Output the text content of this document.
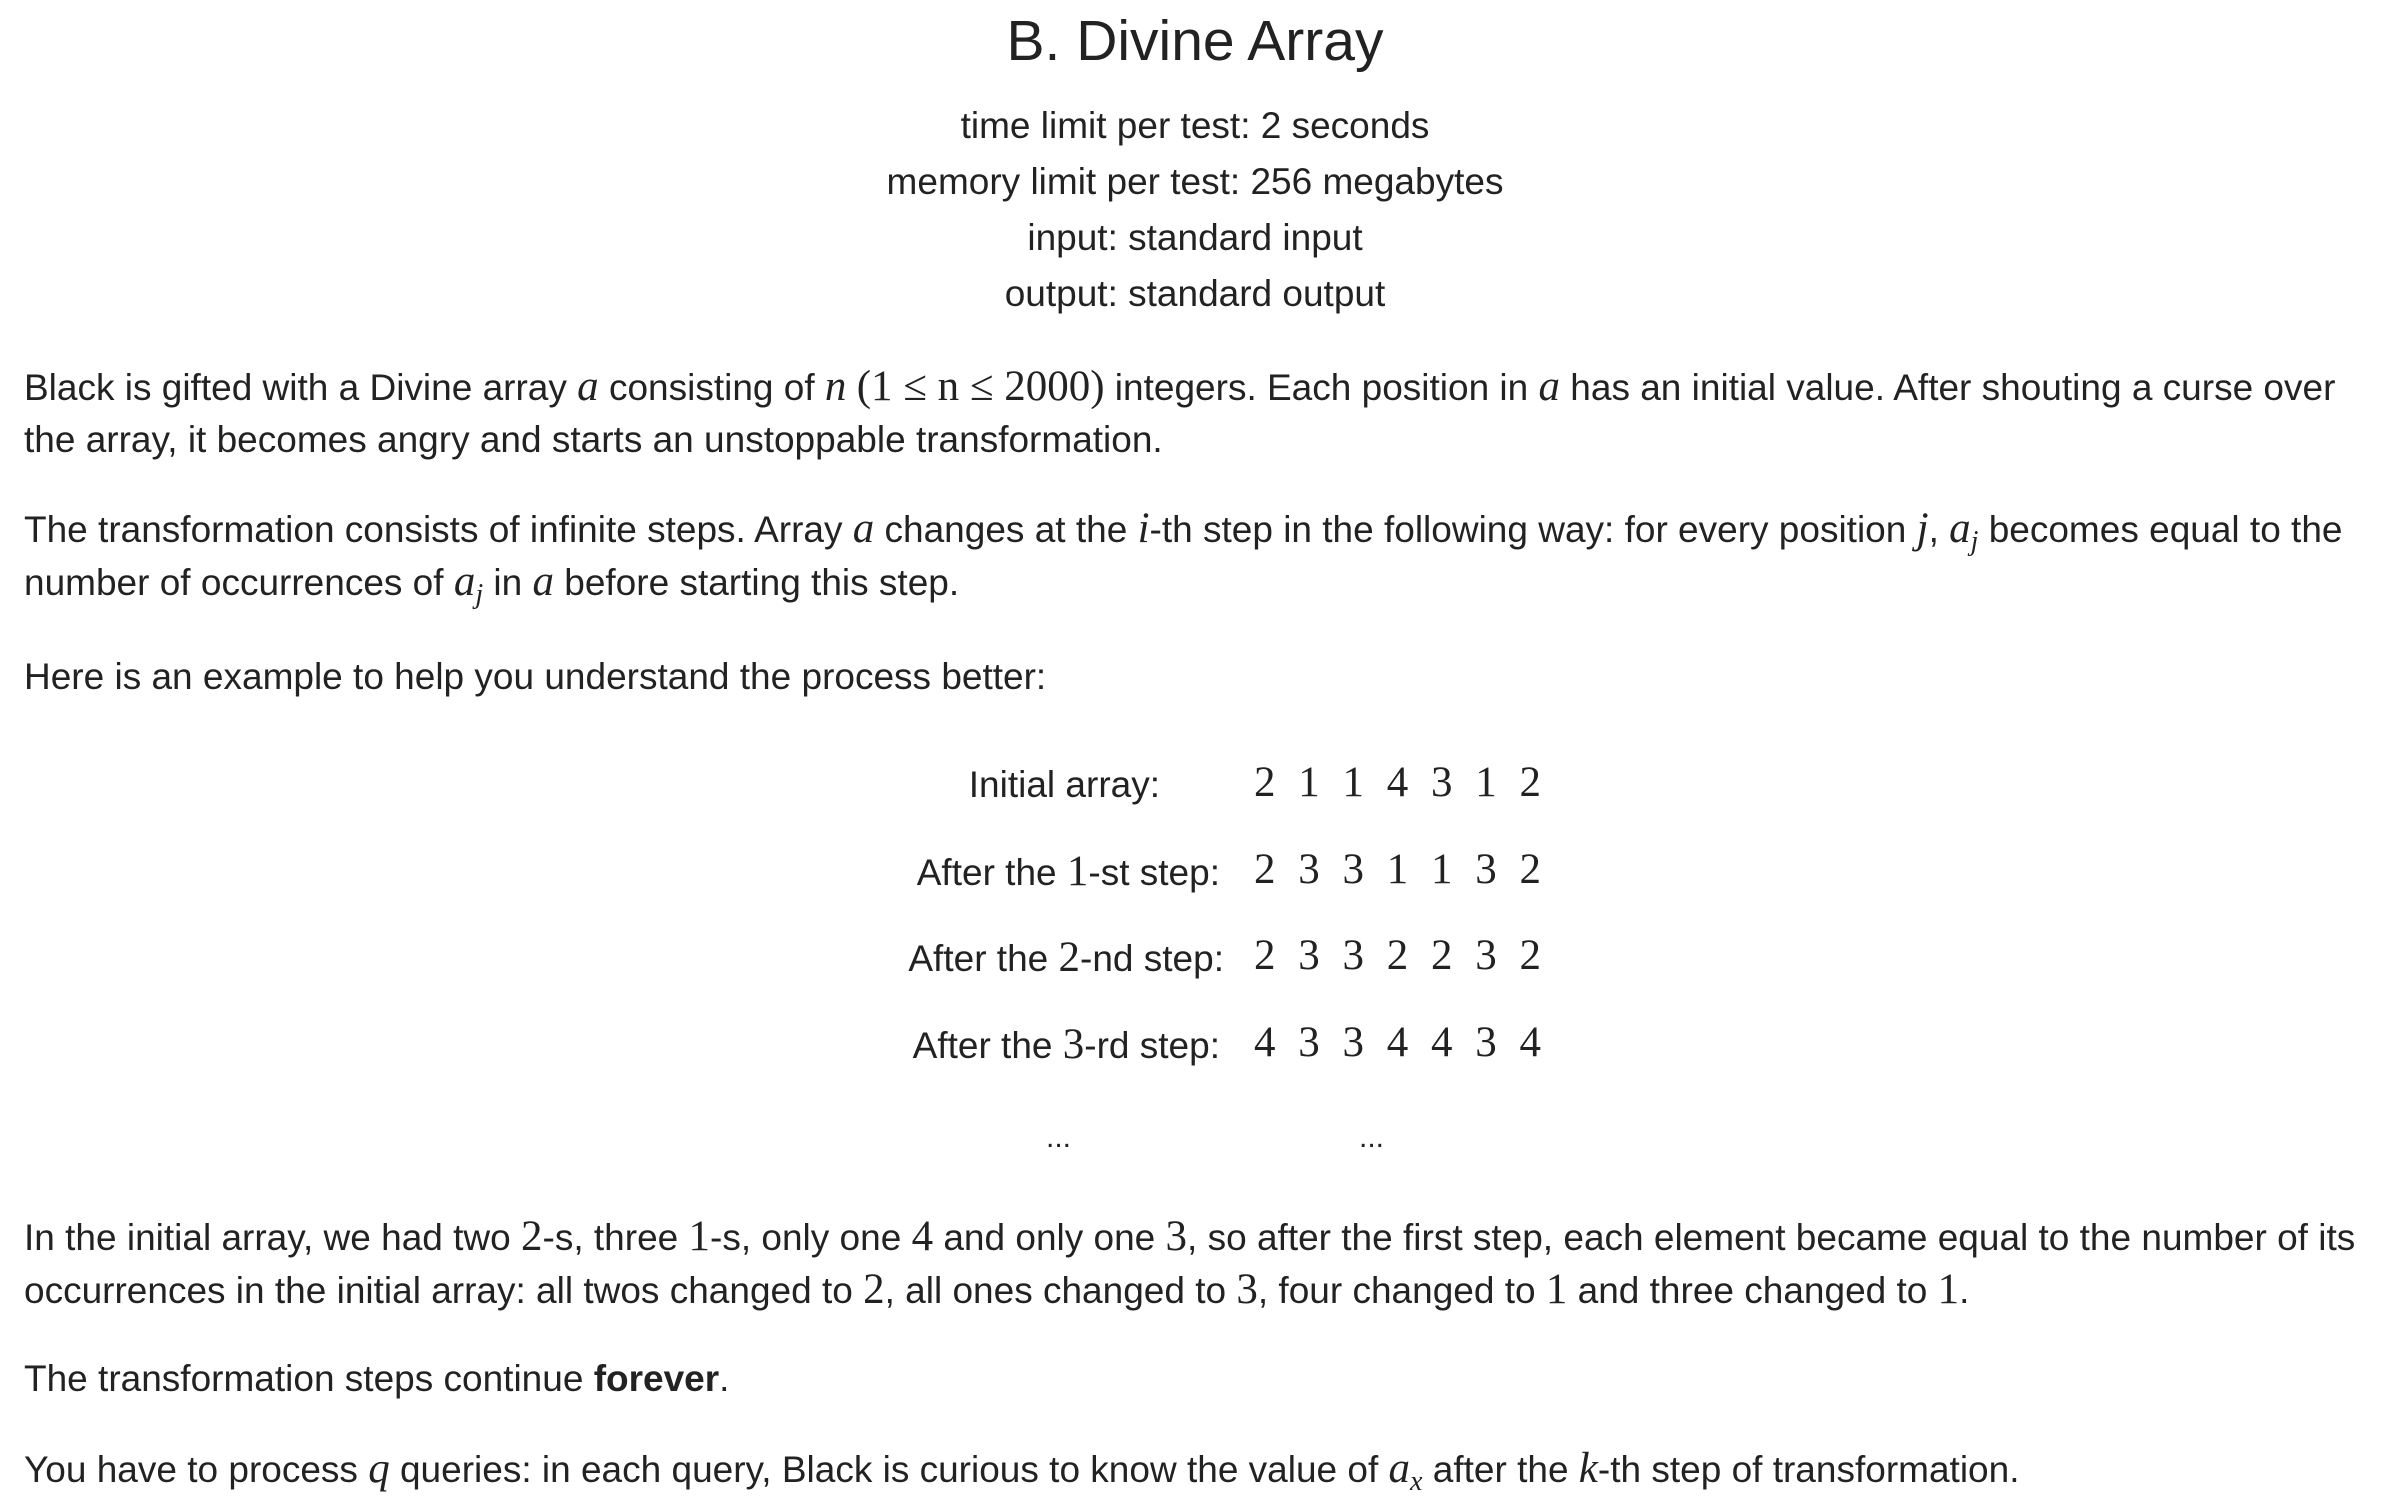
B. Divine Array
time limit per test: 2 seconds
memory limit per test: 256 megabytes
input: standard input
output: standard output

Black is gifted with a Divine array a consisting of n (1 ≤ n ≤ 2000) integers. Each position in a has an initial value. After shouting a curse over the array, it becomes angry and starts an unstoppable transformation.

The transformation consists of infinite steps. Array a changes at the i-th step in the following way: for every position j, $a_j$ becomes equal to the number of occurrences of $a_j$ in a before starting this step.

Here is an example to help you understand the process better:

Initial array: 2 1 1 4 3 1 2
After the 1-st step: 2 3 3 1 1 3 2
After the 2-nd step: 2 3 3 2 2 3 2
After the 3-rd step: 4 3 3 4 4 3 4
...	...

In the initial array, we had two 2-s, three 1-s, only one 4 and only one 3, so after the first step, each element became equal to the number of its occurrences in the initial array: all twos changed to 2, all ones changed to 3, four changed to 1 and three changed to 1.

The transformation steps continue forever.

You have to process q queries: in each query, Black is curious to know the value of $a_x$ after the k-th step of transformation.
